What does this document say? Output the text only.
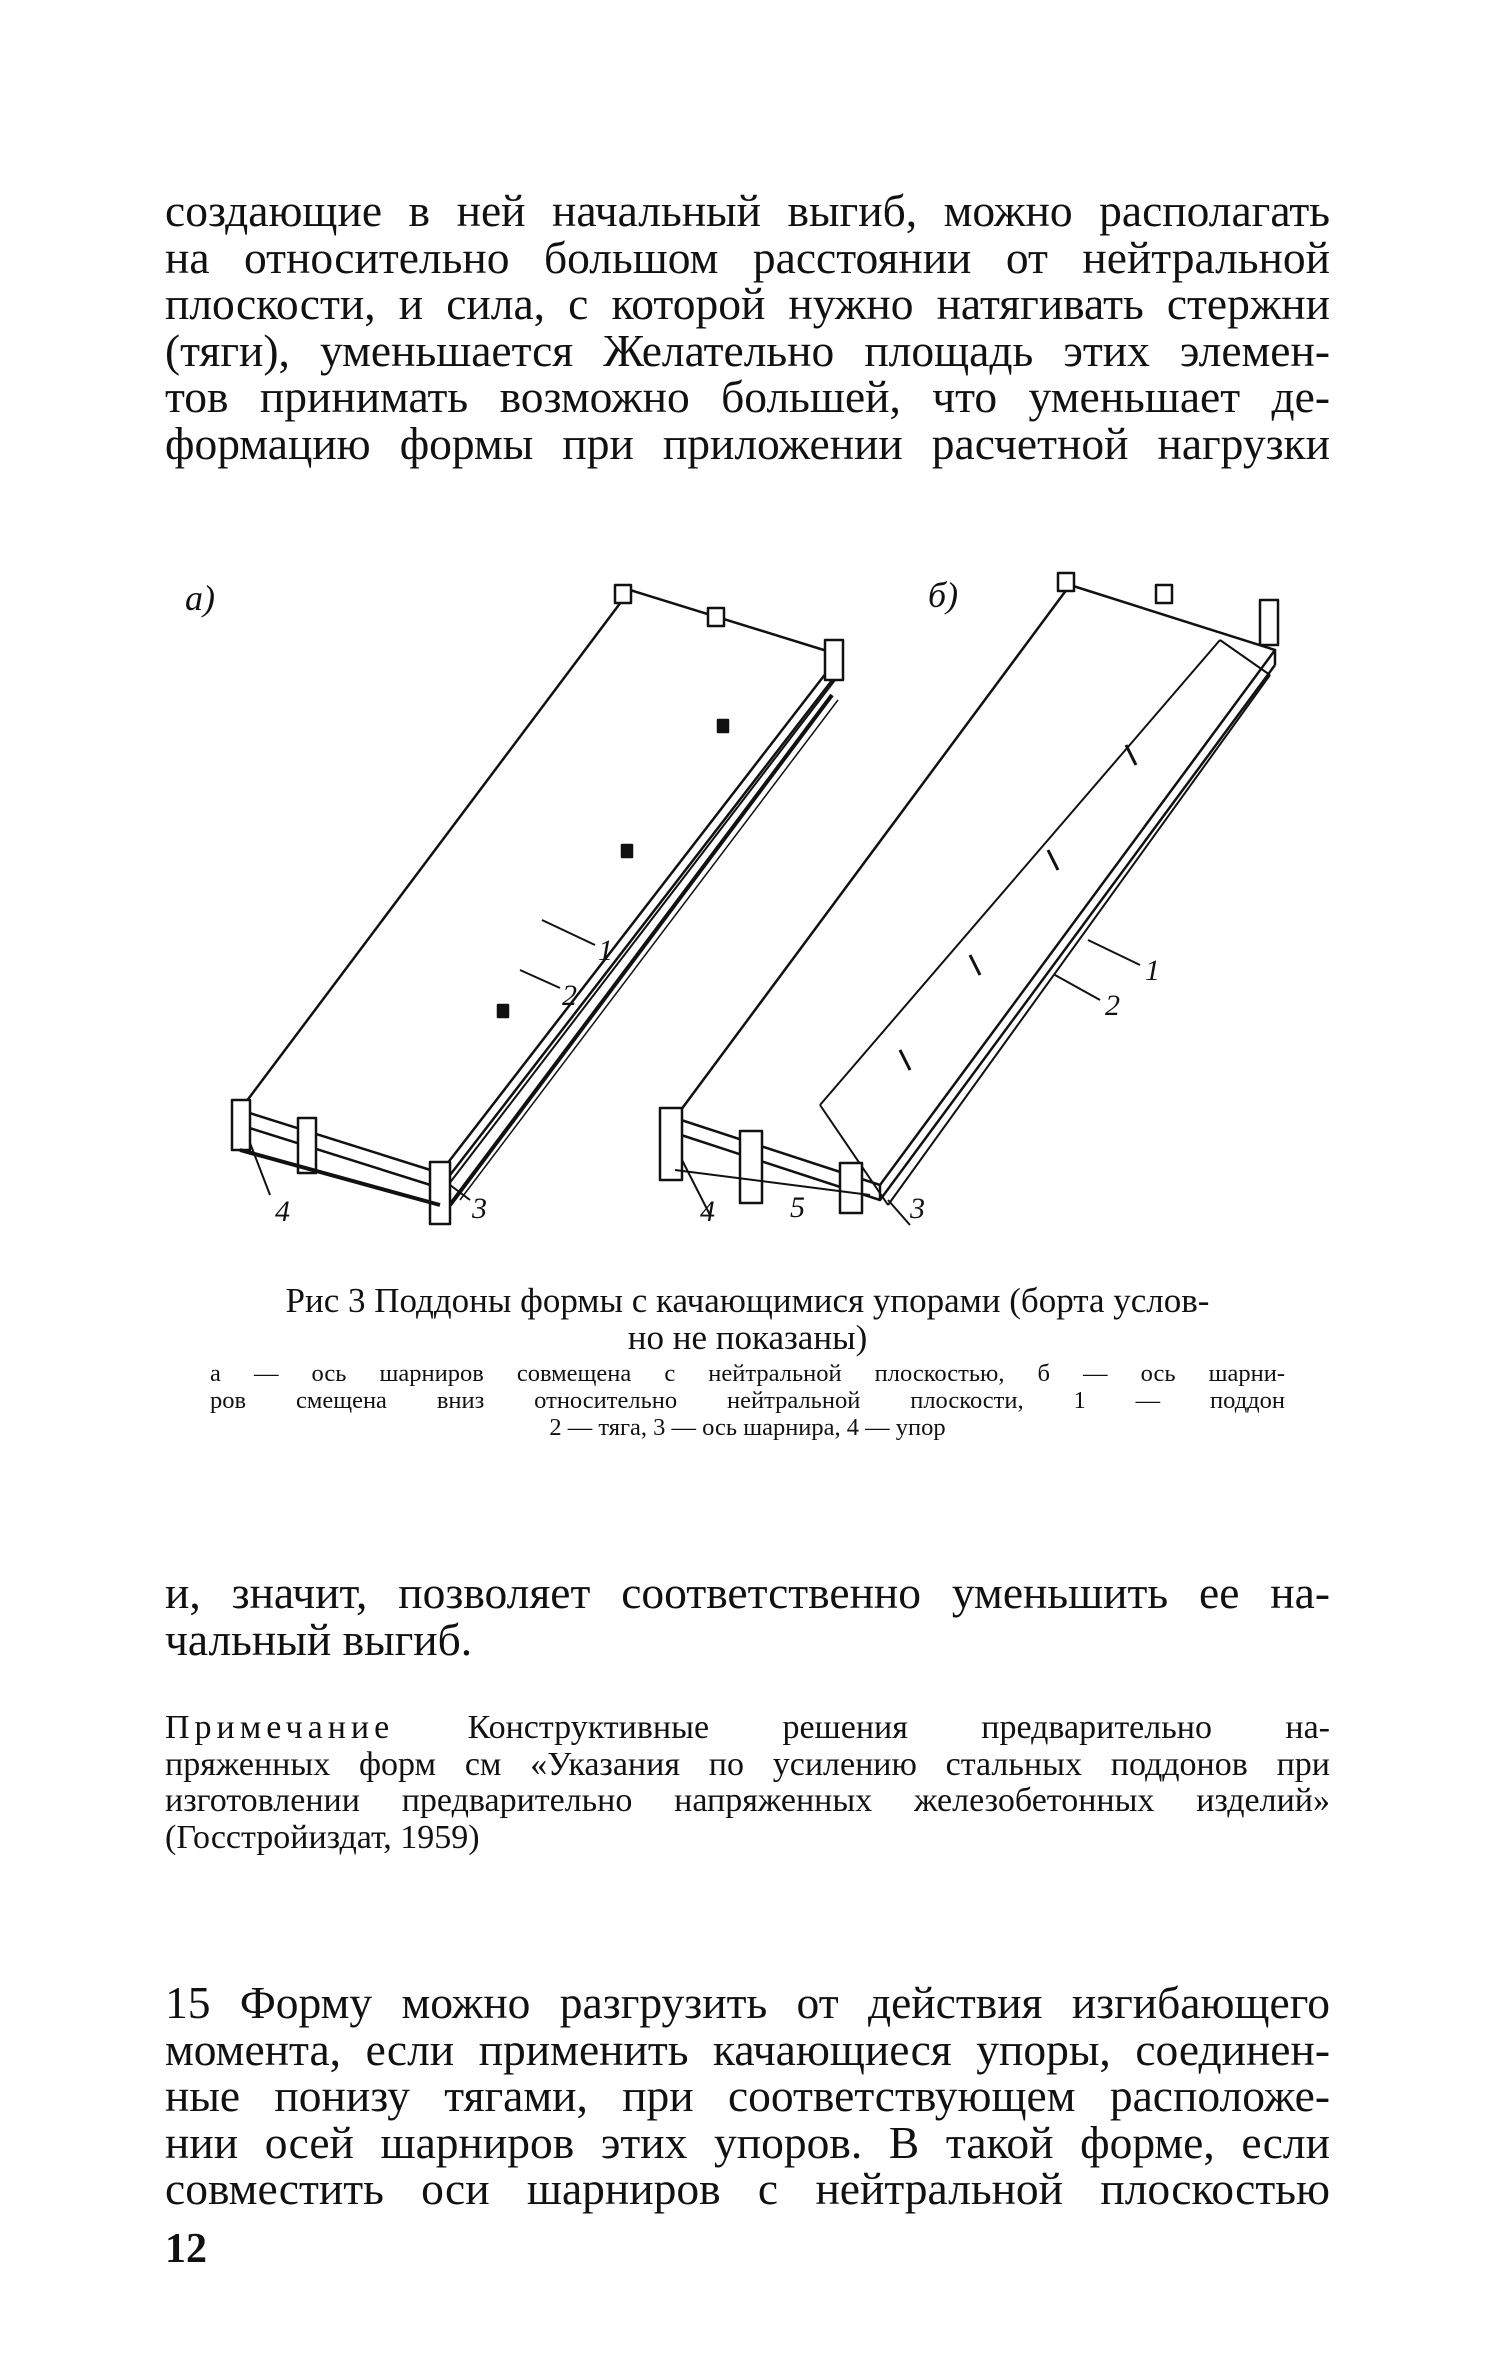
создающие в ней начальный выгиб, можно располагать
на относительно большом расстоянии от нейтральной
плоскости, и сила, с которой нужно натягивать стержни
(тяги), уменьшается Желательно площадь этих элемен-
тов принимать возможно большей, что уменьшает де-
формацию формы при приложении расчетной нагрузки
а)
1
2
3
4
б)
1
2
3
4	5
Рис 3 Поддоны формы с качающимися упорами (борта услов-
но не показаны)
а — ось шарниров совмещена с нейтральной плоскостью, б — ось шарни-
ров смещена вниз относительно нейтральной плоскости, 1 — поддон
2 — тяга, 3 — ось шарнира, 4 — упор
и, значит, позволяет соответственно уменьшить ее на-
чальный выгиб.
Примечание Конструктивные решения предварительно на-
пряженных форм см «Указания по усилению стальных поддонов при
изготовлении предварительно напряженных железобетонных изделий»
(Госстройиздат, 1959)
15 Форму можно разгрузить от действия изгибающего
момента, если применить качающиеся упоры, соединен-
ные понизу тягами, при соответствующем расположе-
нии осей шарниров этих упоров. В такой форме, если
совместить оси шарниров с нейтральной плоскостью
12
